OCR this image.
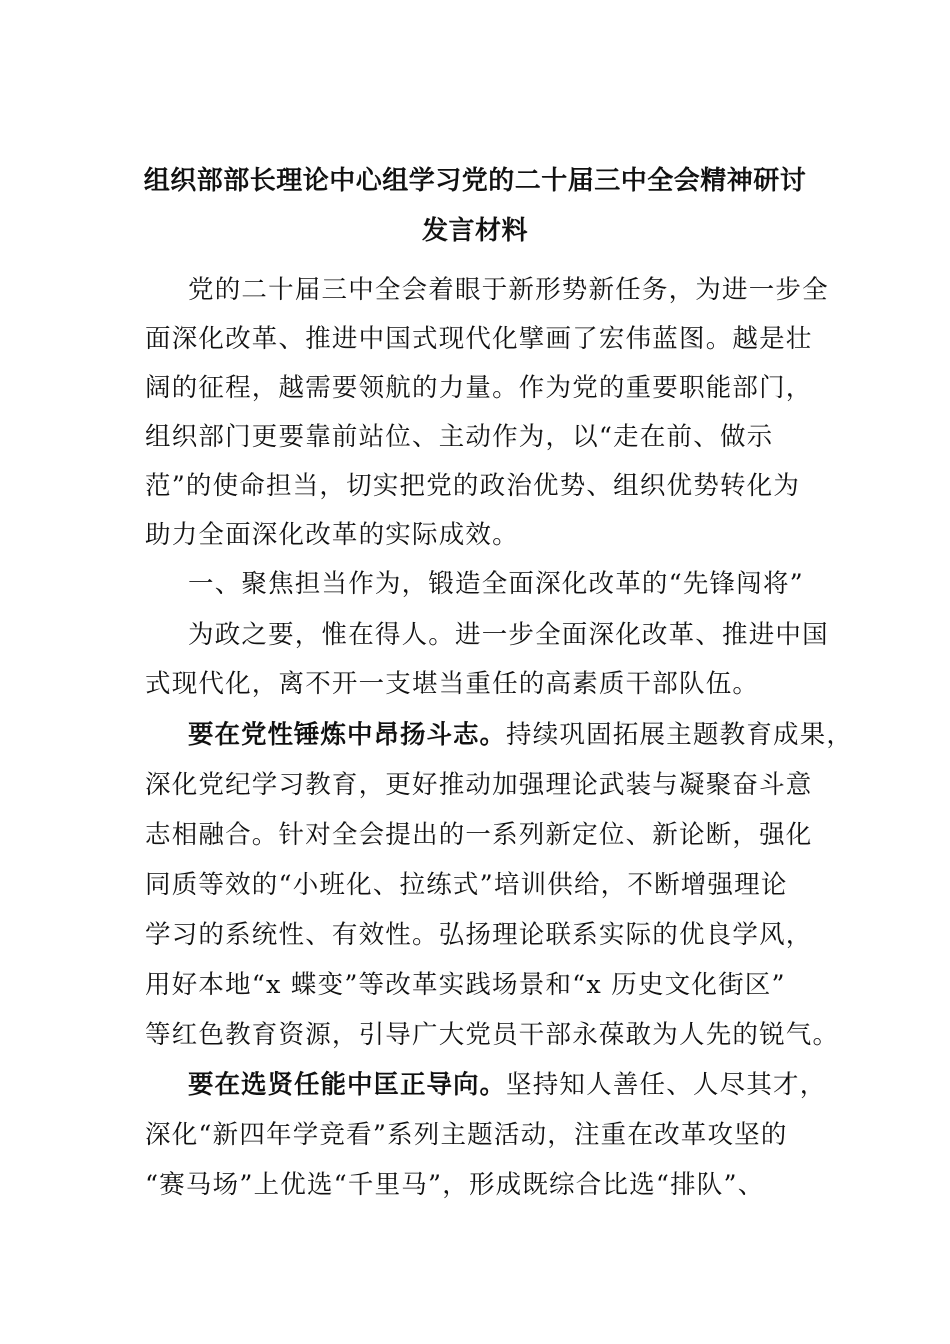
组织部部长理论中心组学习党的二十届三中全会精神研讨
发言材料
党的二十届三中全会着眼于新形势新任务，为进一步全
面深化改革、推进中国式现代化擘画了宏伟蓝图。越是壮
阔的征程，越需要领航的力量。作为党的重要职能部门，
组织部门更要靠前站位、主动作为，以“走在前、做示
范”的使命担当，切实把党的政治优势、组织优势转化为
助力全面深化改革的实际成效。
一、聚焦担当作为，锻造全面深化改革的“先锋闯将”
为政之要，惟在得人。进一步全面深化改革、推进中国
式现代化，离不开一支堪当重任的高素质干部队伍。
要在党性锤炼中昂扬斗志。持续巩固拓展主题教育成果，
深化党纪学习教育，更好推动加强理论武装与凝聚奋斗意
志相融合。针对全会提出的一系列新定位、新论断，强化
同质等效的“小班化、拉练式”培训供给，不断增强理论
学习的系统性、有效性。弘扬理论联系实际的优良学风，
用好本地“x 蝶变”等改革实践场景和“x 历史文化街区”
等红色教育资源，引导广大党员干部永葆敢为人先的锐气。
要在选贤任能中匡正导向。坚持知人善任、人尽其才，
深化“新四年学竞看”系列主题活动，注重在改革攻坚的
“赛马场”上优选“千里马”，形成既综合比选“排队”、
